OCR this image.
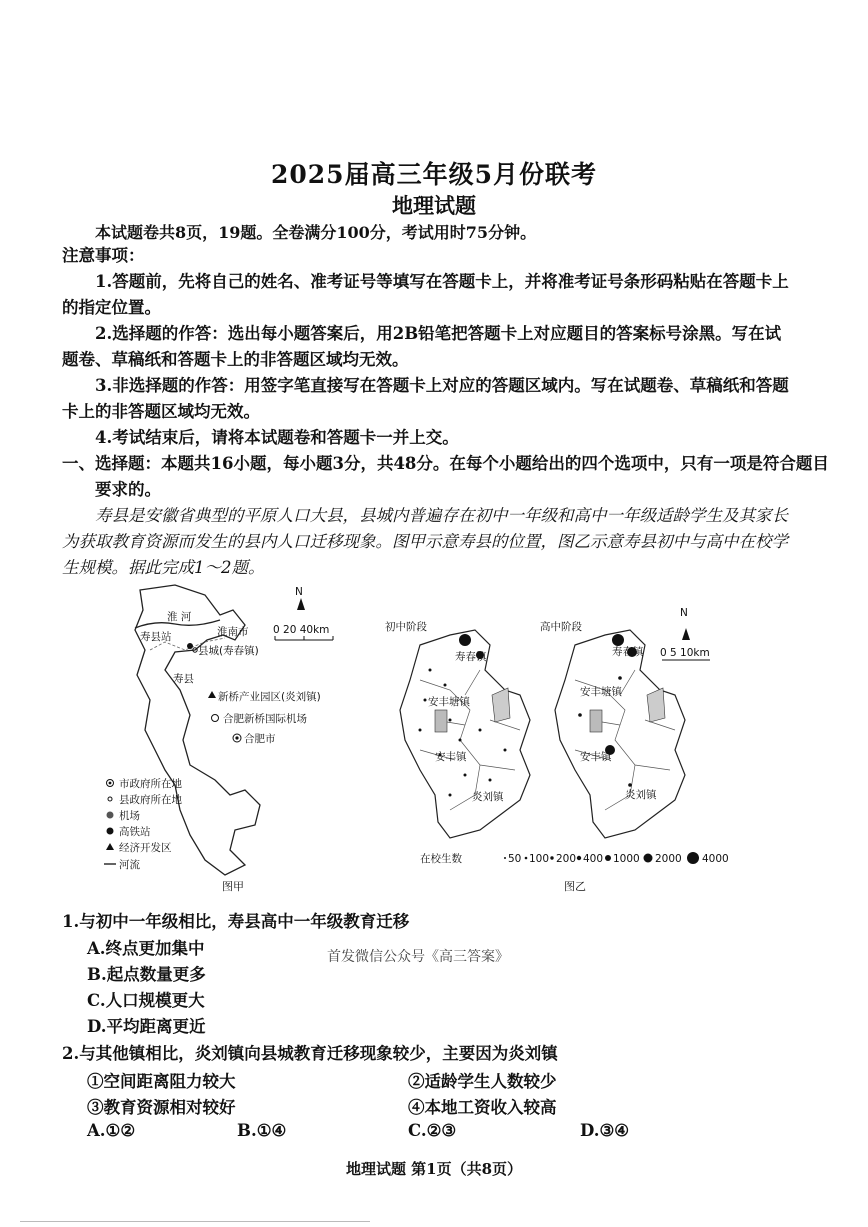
2025届高三年级5月份联考
地理试题
本试题卷共8页，19题。全卷满分100分，考试用时75分钟。
注意事项：
1.答题前，先将自己的姓名、准考证号等填写在答题卡上，并将准考证号条形码粘贴在答题卡上的指定位置。
2.选择题的作答：选出每小题答案后，用2B铅笔把答题卡上对应题目的答案标号涂黑。写在试题卷、草稿纸和答题卡上的非答题区域均无效。
3.非选择题的作答：用签字笔直接写在答题卡上对应的答题区域内。写在试题卷、草稿纸和答题卡上的非答题区域均无效。
4.考试结束后，请将本试题卷和答题卡一并上交。
一、选择题：本题共16小题，每小题3分，共48分。在每个小题给出的四个选项中，只有一项是符合题目要求的。
寿县是安徽省典型的平原人口大县，县城内普遍存在初中一年级和高中一年级适龄学生及其家长为获取教育资源而发生的县内人口迁移现象。图甲示意寿县的位置，图乙示意寿县初中与高中在校学生规模。据此完成1～2题。
淮 河
淮南市
寿县站
县城(寿春镇)
寿县
新桥产业园区(炎刘镇)
合肥新桥国际机场
合肥市
N
0 20 40km
市政府所在地
县政府所在地
机场
高铁站
经济开发区
河流
图甲
初中阶段	高中阶段
寿春镇
安丰塘镇
安丰镇
炎刘镇
寿春镇
安丰塘镇
安丰镇
炎刘镇
N
0 5 10km
在校生数	50 100 200 400 1000 2000 4000
图乙
1.与初中一年级相比，寿县高中一年级教育迁移
A.终点更加集中
B.起点数量更多
C.人口规模更大
D.平均距离更近
首发微信公众号《高三答案》
2.与其他镇相比，炎刘镇向县城教育迁移现象较少，主要因为炎刘镇
①空间距离阻力较大	②适龄学生人数较少
③教育资源相对较好	④本地工资收入较高
A.①②	B.①④	C.②③	D.③④
地理试题 第1页（共8页）
